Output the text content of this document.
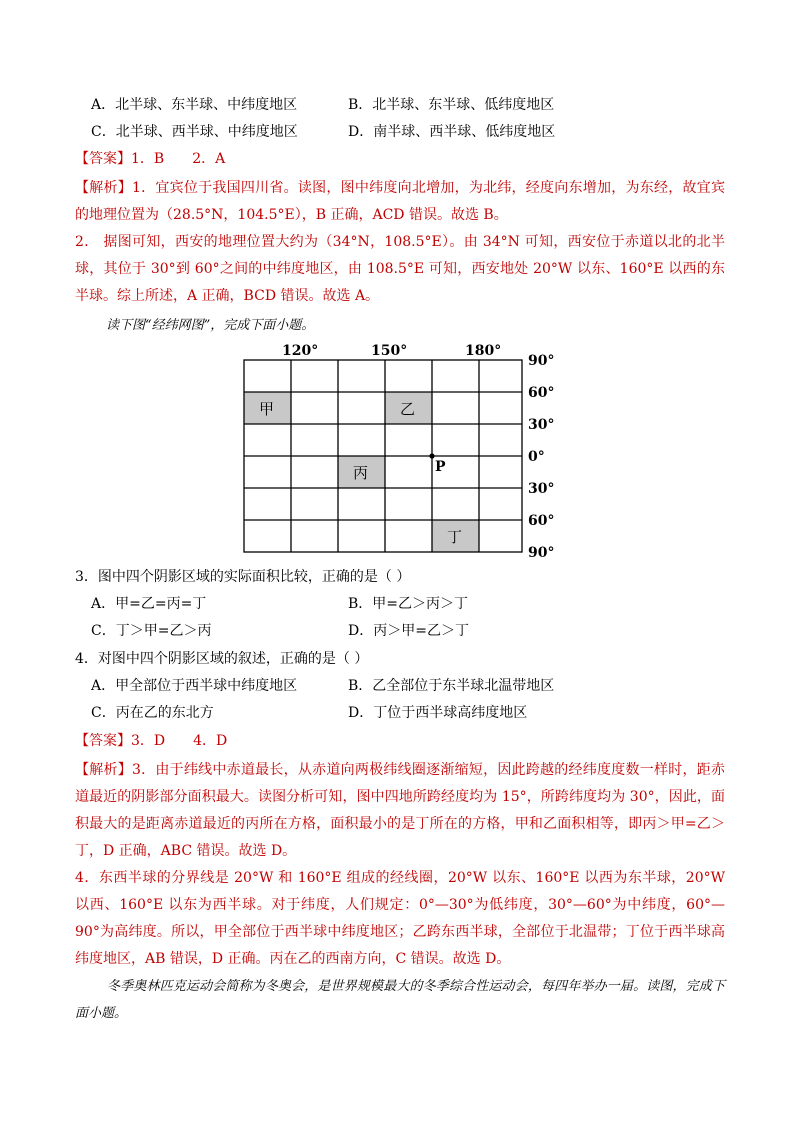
A．北半球、东半球、中纬度地区	B．北半球、东半球、低纬度地区
C．北半球、西半球、中纬度地区	D．南半球、西半球、低纬度地区
【答案】1．B　　2．A
【解析】1．宜宾位于我国四川省。读图，图中纬度向北增加，为北纬，经度向东增加，为东经，故宜宾的地理位置为（28.5°N，104.5°E），B 正确，ACD 错误。故选 B。
2． 据图可知，西安的地理位置大约为（34°N，108.5°E）。由 34°N 可知，西安位于赤道以北的北半球，其位于 30°到 60°之间的中纬度地区，由 108.5°E 可知，西安地处 20°W 以东、160°E 以西的东半球。综上所述，A 正确，BCD 错误。故选 A。
读下图“经纬网图”，完成下面小题。
120°	150°	180°
90°
60°
30°
0°
30°
60°
90°
甲	乙
丙
丁
P
3．图中四个阴影区域的实际面积比较，正确的是（ ）
A．甲=乙=丙=丁	B．甲=乙＞丙＞丁
C．丁＞甲=乙＞丙	D．丙＞甲=乙＞丁
4．对图中四个阴影区域的叙述，正确的是（ ）
A．甲全部位于西半球中纬度地区	B．乙全部位于东半球北温带地区
C．丙在乙的东北方	D．丁位于西半球高纬度地区
【答案】3．D　　4．D
【解析】3．由于纬线中赤道最长，从赤道向两极纬线圈逐渐缩短，因此跨越的经纬度度数一样时，距赤道最近的阴影部分面积最大。读图分析可知，图中四地所跨经度均为 15°，所跨纬度均为 30°，因此，面积最大的是距离赤道最近的丙所在方格，面积最小的是丁所在的方格，甲和乙面积相等，即丙＞甲=乙＞丁，D 正确，ABC 错误。故选 D。
4．东西半球的分界线是 20°W 和 160°E 组成的经线圈，20°W 以东、160°E 以西为东半球，20°W 以西、160°E 以东为西半球。对于纬度，人们规定：0°—30°为低纬度，30°—60°为中纬度，60°—90°为高纬度。所以，甲全部位于西半球中纬度地区；乙跨东西半球，全部位于北温带；丁位于西半球高纬度地区，AB 错误，D 正确。丙在乙的西南方向，C 错误。故选 D。
冬季奥林匹克运动会简称为冬奥会，是世界规模最大的冬季综合性运动会，每四年举办一届。读图，完成下面小题。
